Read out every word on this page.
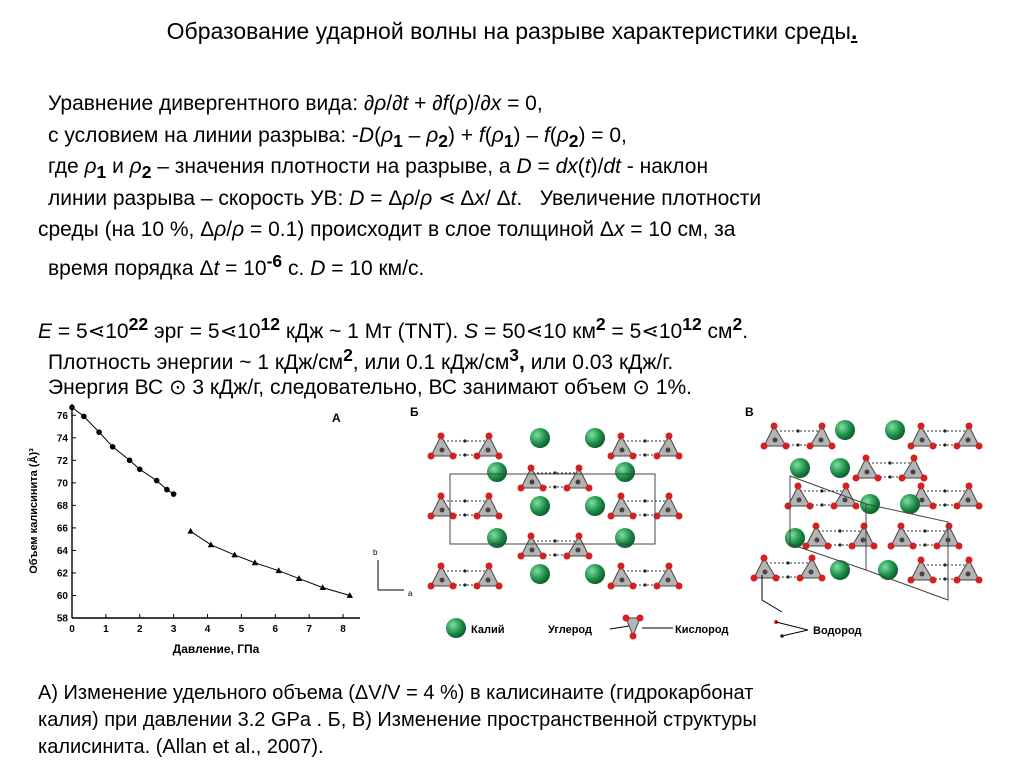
Образование ударной волны на разрыве характеристики среды.
Уравнение дивергентного вида: ∂ρ/∂t + ∂f(ρ)/∂x = 0,
с условием на линии разрыва: $-D(\rho_1 - \rho_2) + f(\rho_1) - f(\rho_2) = 0$,
где $\rho_1$ и $\rho_2$ – значения плотности на разрыве, а D = dx(t)/dt - наклон
линии разрыва – скорость УВ: D = Δρ/ρ ⋖ Δx/ Δt.   Увеличение плотности
среды (на 10 %, Δρ/ρ = 0.1) происходит в слое толщиной Δx = 10 см, за
время порядка $\Delta t = 10^{-6}$ с. D = 10 км/с.
$E = 5⋖10^{22}$ эрг = $5⋖10^{12}$ кДж ~ 1 Мт (TNT). S = 50⋖10 $км^2$ = $5⋖10^{12}$ $см^2$.
Плотность энергии ~ 1 кДж/$см^2$, или 0.1 кДж/$см^3$, или 0.03 кДж/г.
Энергия ВС ⊙ 3 кДж/г, следовательно, ВС занимают объем ⊙ 1%.
0	1	2	3	4	5	6	7	8
58
60
62
64
66
68
70
72
74
76	А
Объем калисинита (Å)³
Давление, ГПа
Б
b
a
В
Калий	Углерод	Кислород	Водород
А) Изменение удельного объема (ΔV/V = 4 %) в калисинаите (гидрокарбонат
калия) при давлении 3.2 GPa . Б, В) Изменение пространственной структуры
калисинита. (Allan et al., 2007).
